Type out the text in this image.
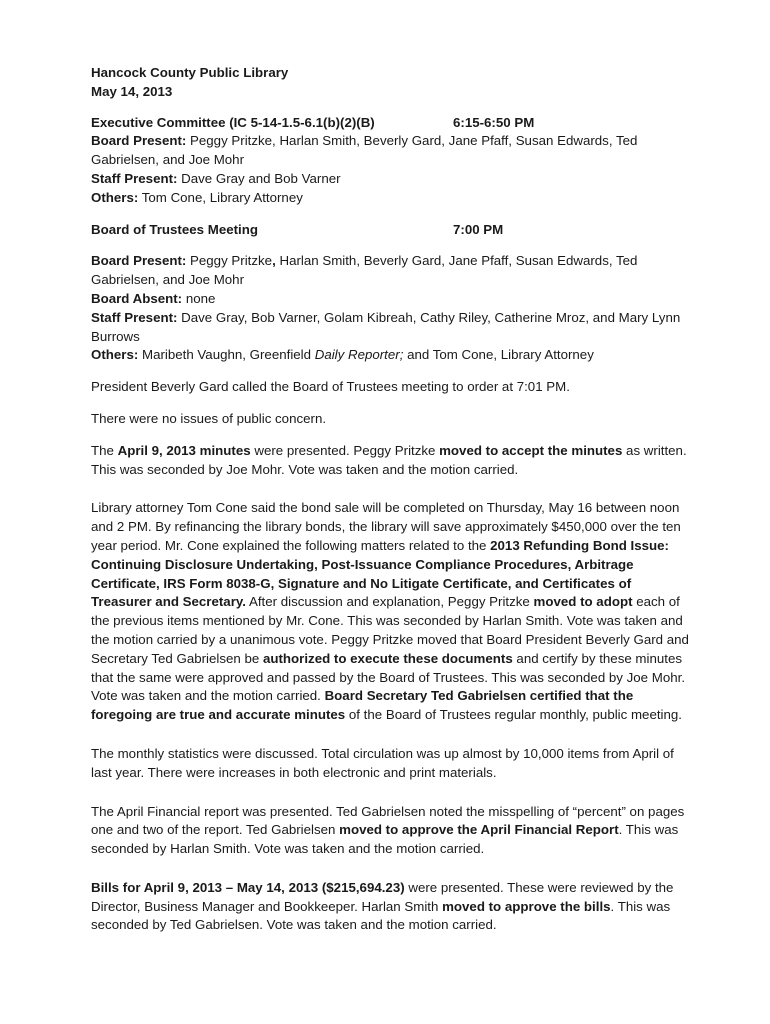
Hancock County Public Library

May 14, 2013

Executive Committee (IC 5-14-1.5-6.1(b)(2)(B)	6:15-6:50 PM

Board Present: Peggy Pritzke, Harlan Smith, Beverly Gard, Jane Pfaff, Susan Edwards, Ted Gabrielsen, and Joe Mohr

Staff Present: Dave Gray and Bob Varner

Others: Tom Cone, Library Attorney

Board of Trustees Meeting	7:00 PM

Board Present: Peggy Pritzke, Harlan Smith, Beverly Gard, Jane Pfaff, Susan Edwards, Ted Gabrielsen, and Joe Mohr

Board Absent: none

Staff Present: Dave Gray, Bob Varner, Golam Kibreah, Cathy Riley, Catherine Mroz, and Mary Lynn Burrows

Others: Maribeth Vaughn, Greenfield Daily Reporter; and Tom Cone, Library Attorney

President Beverly Gard called the Board of Trustees meeting to order at 7:01 PM.

There were no issues of public concern.

The April 9, 2013 minutes were presented. Peggy Pritzke moved to accept the minutes as written. This was seconded by Joe Mohr. Vote was taken and the motion carried.

Library attorney Tom Cone said the bond sale will be completed on Thursday, May 16 between noon and 2 PM. By refinancing the library bonds, the library will save approximately $450,000 over the ten year period. Mr. Cone explained the following matters related to the 2013 Refunding Bond Issue: Continuing Disclosure Undertaking, Post-Issuance Compliance Procedures, Arbitrage Certificate, IRS Form 8038-G, Signature and No Litigate Certificate, and Certificates of Treasurer and Secretary. After discussion and explanation, Peggy Pritzke moved to adopt each of the previous items mentioned by Mr. Cone. This was seconded by Harlan Smith. Vote was taken and the motion carried by a unanimous vote. Peggy Pritzke moved that Board President Beverly Gard and Secretary Ted Gabrielsen be authorized to execute these documents and certify by these minutes that the same were approved and passed by the Board of Trustees. This was seconded by Joe Mohr. Vote was taken and the motion carried. Board Secretary Ted Gabrielsen certified that the foregoing are true and accurate minutes of the Board of Trustees regular monthly, public meeting.

The monthly statistics were discussed. Total circulation was up almost by 10,000 items from April of last year. There were increases in both electronic and print materials.

The April Financial report was presented. Ted Gabrielsen noted the misspelling of “percent” on pages one and two of the report. Ted Gabrielsen moved to approve the April Financial Report. This was seconded by Harlan Smith. Vote was taken and the motion carried.

Bills for April 9, 2013 – May 14, 2013 ($215,694.23) were presented. These were reviewed by the Director, Business Manager and Bookkeeper. Harlan Smith moved to approve the bills. This was seconded by Ted Gabrielsen. Vote was taken and the motion carried.
